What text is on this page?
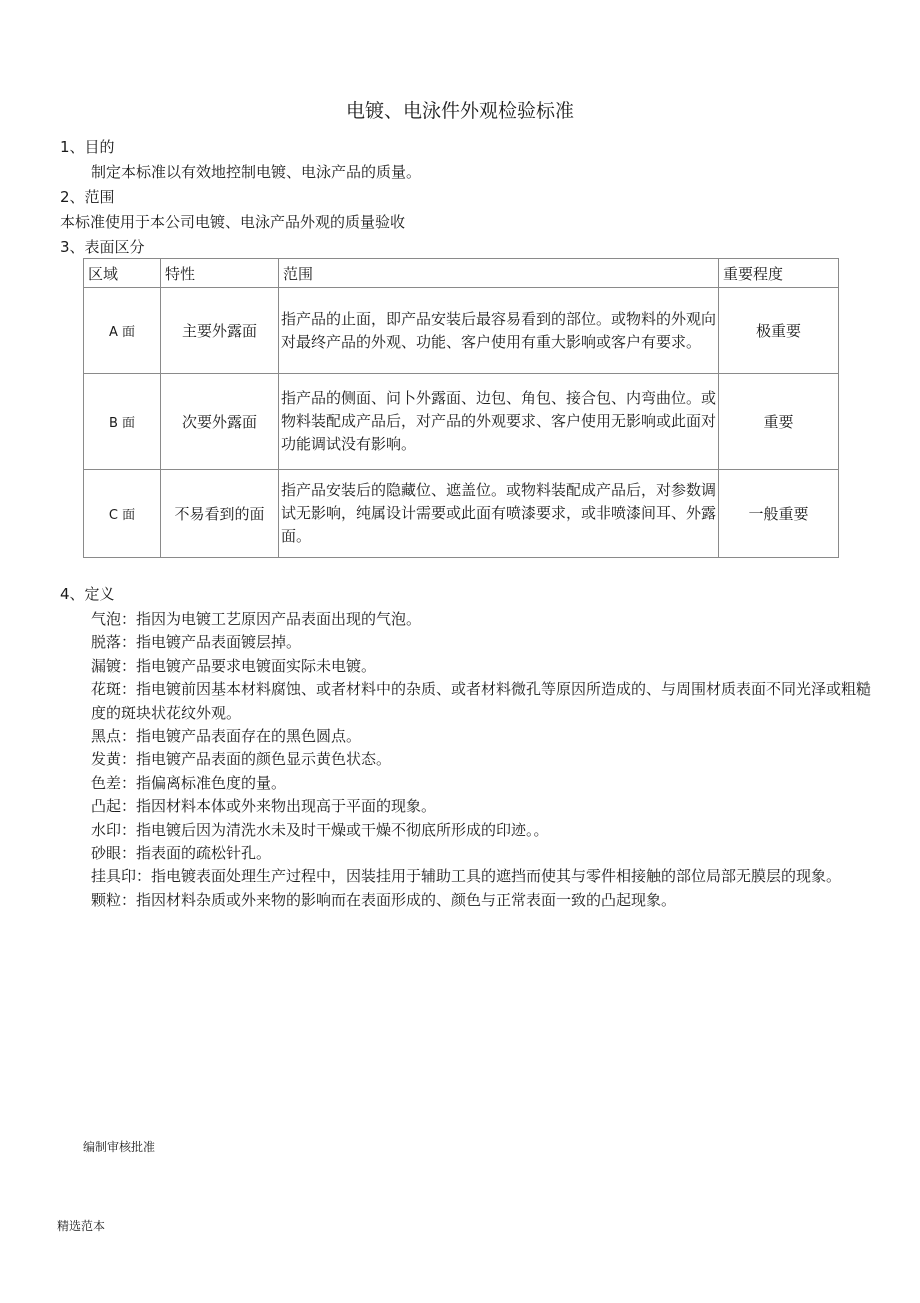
电镀、电泳件外观检验标准
1、目的
制定本标准以有效地控制电镀、电泳产品的质量。
2、范围
本标准使用于本公司电镀、电泳产品外观的质量验收
3、表面区分
区域	特性	范围	重要程度
A 面	主要外露面	指产品的止面，即产品安装后最容易看到的部位。或物料的外观向对最终产品的外观、功能、客户使用有重大影响或客户有要求。	极重要
B 面	次要外露面	指产品的侧面、问卜外露面、边包、角包、接合包、内弯曲位。或物料装配成产品后，对产品的外观要求、客户使用无影响或此面对功能调试没有影响。	重要
C 面	不易看到的面	指产品安装后的隐藏位、遮盖位。或物料装配成产品后，对参数调试无影响，纯属设计需要或此面有喷漆要求，或非喷漆间耳、外露面。	一般重要
4、定义

气泡：指因为电镀工艺原因产品表面出现的气泡。

脱落：指电镀产品表面镀层掉。

漏镀：指电镀产品要求电镀面实际未电镀。

花斑：指电镀前因基本材料腐蚀、或者材料中的杂质、或者材料微孔等原因所造成的、与周围材质表面不同光泽或粗糙度的斑块状花纹外观。

黑点：指电镀产品表面存在的黑色圆点。

发黄：指电镀产品表面的颜色显示黄色状态。

色差：指偏离标准色度的量。

凸起：指因材料本体或外来物出现高于平面的现象。

水印：指电镀后因为清洗水未及时干燥或干燥不彻底所形成的印迹。。

砂眼：指表面的疏松针孔。

挂具印：指电镀表面处理生产过程中，因装挂用于辅助工具的遮挡而使其与零件相接触的部位局部无膜层的现象。

颗粒：指因材料杂质或外来物的影响而在表面形成的、颜色与正常表面一致的凸起现象。

编制审核批准
精选范本
